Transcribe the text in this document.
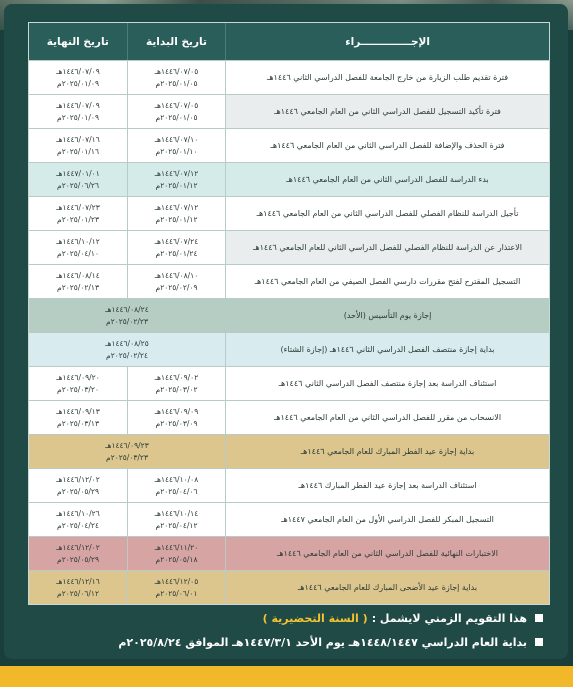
الإجــــــــــــــراء
تاريخ البداية
تاريخ النهاية
فترة تقديم طلب الزيارة من خارج الجامعة للفصل الدراسي الثاني ١٤٤٦هـ
١٤٤٦/٠٧/٠٥هـ
٢٠٢٥/٠١/٠٥م
١٤٤٦/٠٧/٠٩هـ
٢٠٢٥/٠١/٠٩م
فترة تأكيد التسجيل للفصل الدراسي الثاني من العام الجامعي ١٤٤٦هـ
١٤٤٦/٠٧/٠٥هـ
٢٠٢٥/٠١/٠٥م
١٤٤٦/٠٧/٠٩هـ
٢٠٢٥/٠١/٠٩م
فترة الحذف والإضافة للفصل الدراسي الثاني من العام الجامعي ١٤٤٦هـ
١٤٤٦/٠٧/١٠هـ
٢٠٢٥/٠١/١٠م
١٤٤٦/٠٧/١٦هـ
٢٠٢٥/٠١/١٦م
بدء الدراسة للفصل الدراسي الثاني من العام الجامعي ١٤٤٦هـ
١٤٤٦/٠٧/١٢هـ
٢٠٢٥/٠١/١٢م
١٤٤٧/٠١/٠١هـ
٢٠٢٥/٠٦/٢٦م
تأجيل الدراسة للنظام الفصلي للفصل الدراسي الثاني من العام الجامعي ١٤٤٦هـ
١٤٤٦/٠٧/١٢هـ
٢٠٢٥/٠١/١٢م
١٤٤٦/٠٧/٢٣هـ
٢٠٢٥/٠١/٢٣م
الاعتذار عن الدراسة للنظام الفصلي للفصل الدراسي الثاني للعام الجامعي ١٤٤٦هـ
١٤٤٦/٠٧/٢٤هـ
٢٠٢٥/٠١/٢٤م
١٤٤٦/١٠/١٢هـ
٢٠٢٥/٠٤/١٠م
التسجيل المقترح لفتح مقررات دارسي الفصل الصيفي من العام الجامعي ١٤٤٦هـ
١٤٤٦/٠٨/١٠هـ
٢٠٢٥/٠٢/٠٩م
١٤٤٦/٠٨/١٤هـ
٢٠٢٥/٠٢/١٣م
إجازة يوم التأسيس (الأحد)
١٤٤٦/٠٨/٢٤هـ
٢٠٢٥/٠٢/٢٣م
بداية إجازة منتصف الفصل الدراسي الثاني ١٤٤٦هـ (إجازة الشتاء)
١٤٤٦/٠٨/٢٥هـ
٢٠٢٥/٠٢/٢٤م
استئناف الدراسة بعد إجازة منتصف الفصل الدراسي الثاني ١٤٤٦هـ
١٤٤٦/٠٩/٠٢هـ
٢٠٢٥/٠٣/٠٢م
١٤٤٦/٠٩/٢٠هـ
٢٠٢٥/٠٣/٢٠م
الانسحاب من مقرر للفصل الدراسي الثاني من العام الجامعي ١٤٤٦هـ
١٤٤٦/٠٩/٠٩هـ
٢٠٢٥/٠٣/٠٩م
١٤٤٦/٠٩/١٣هـ
٢٠٢٥/٠٣/١٣م
بداية إجازة عيد الفطر المبارك للعام الجامعي ١٤٤٦هـ
١٤٤٦/٠٩/٢٣هـ
٢٠٢٥/٠٣/٢٣م
استئناف الدراسة بعد إجازة عيد الفطر المبارك ١٤٤٦هـ
١٤٤٦/١٠/٠٨هـ
٢٠٢٥/٠٤/٠٦م
١٤٤٦/١٢/٠٢هـ
٢٠٢٥/٠٥/٢٩م
التسجيل المبكر للفصل الدراسي الأول من العام الجامعي ١٤٤٧هـ
١٤٤٦/١٠/١٤هـ
٢٠٢٥/٠٤/١٢م
١٤٤٦/١٠/٢٦هـ
٢٠٢٥/٠٤/٢٤م
الاختبارات النهائية للفصل الدراسي الثاني من العام الجامعي ١٤٤٦هـ
١٤٤٦/١١/٢٠هـ
٢٠٢٥/٠٥/١٨م
١٤٤٦/١٢/٠٢هـ
٢٠٢٥/٠٥/٢٩م
بداية إجازة عيد الأضحى المبارك للعام الجامعي ١٤٤٦هـ
١٤٤٦/١٢/٠٥هـ
٢٠٢٥/٠٦/٠١م
١٤٤٦/١٢/١٦هـ
٢٠٢٥/٠٦/١٢م
هذا التقويم الزمني لايشمل :
( السنة التحضيرية )
بداية العام الدراسي ١٤٤٨/١٤٤٧هـ يوم الأحد ١٤٤٧/٣/١هـ الموافق ٢٠٢٥/٨/٢٤م
